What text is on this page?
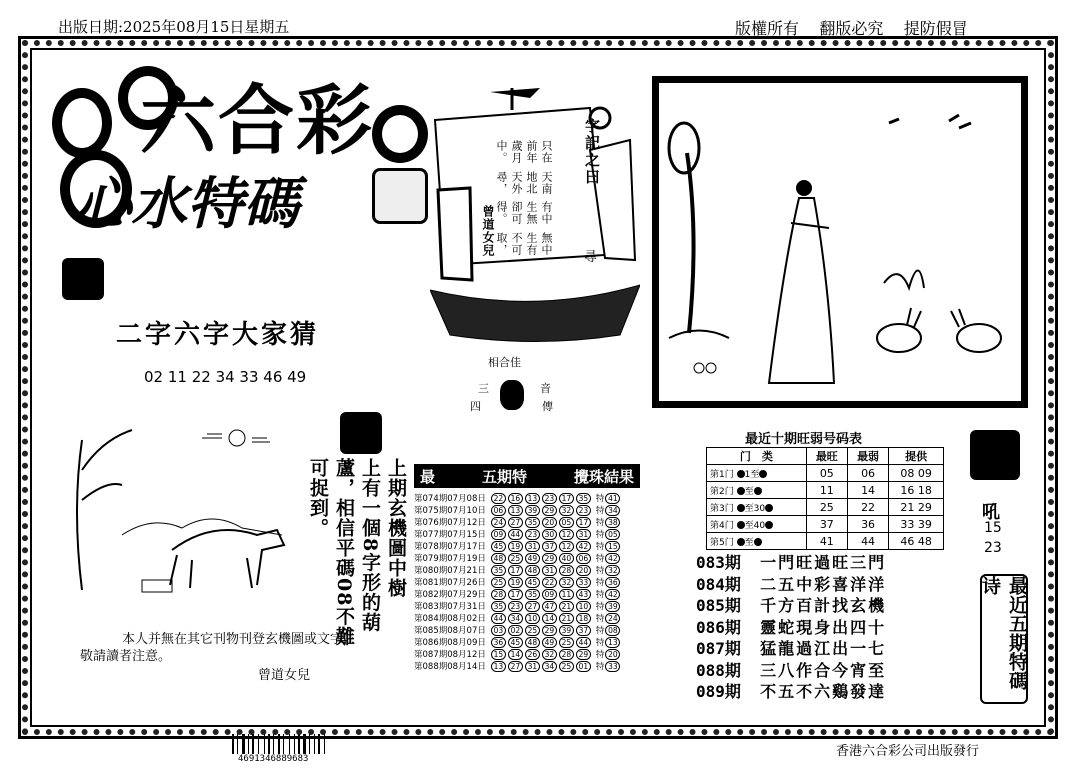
出版日期:2025年08月15日星期五	版權所有 翻版必究 提防假冒
六合彩
心水特碼
字記之曰
尋
無中生有不可取，
有中生無卻可得。
天南地北天外尋，
只在前年歲月中。
曾道女兒
二字六字大家猜
02 11 22 34 33 46 49
相合佳
三	音
四	傳
上期玄機圖中樹
上有一個8字形的葫
蘆，相信平碼08不難
可捉到。
本人并無在其它刊物刊登玄機圖或文字，
敬請讀者注意。
曾道女兒
最	五期特	攪珠結果
第074期07月08日	22 16 13 23 17 35	特 41
第075期07月10日	06 13 39 29 32 23	特 34
第076期07月12日	24 27 35 20 05 17	特 38
第077期07月15日	09 44 23 30 12 31	特 05
第078期07月17日	45 19 31 37 12 42	特 15
第079期07月19日	48 25 49 29 40 06	特 42
第080期07月21日	35 17 48 31 28 20	特 32
第081期07月26日	25 19 45 22 32 33	特 36
第082期07月29日	28 17 35 09 11 43	特 42
第083期07月31日	35 23 27 47 21 10	特 39
第084期08月02日	44 34 10 14 21 18	特 24
第085期08月07日	03 02 25 29 39 37	特 08
第086期08月09日	36 45 48 49 25 44	特 13
第087期08月12日	15 14 26 32 28 29	特 20
第088期08月14日	13 27 31 34 25 01	特 33
最近十期旺弱号码表
门　类	最旺	最弱	提供
第1门 1至	05	06	08 09
第2门 至	11	14	16 18
第3门 至30	25	22	21 29
第4门 至40	37	36	33 39
第5门 至	41	44	46 48
吼
15
23
083期 一門旺過旺三門
084期 二五中彩喜洋洋
085期 千方百計找玄機
086期 靈蛇現身出四十
087期 猛龍過江出一七
088期 三八作合今宵至
089期 不五不六鷄發達
最近五期特碼诗
4691346889683	香港六合彩公司出版發行
